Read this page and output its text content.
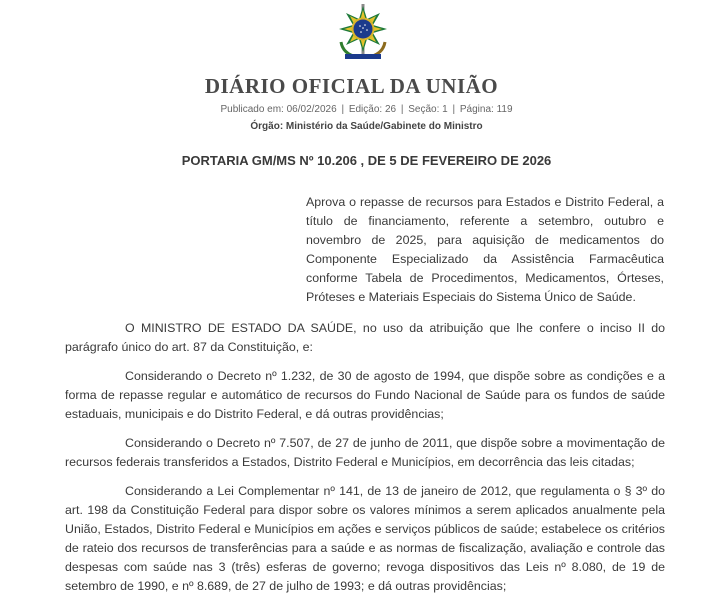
DIÁRIO OFICIAL DA UNIÃO
Publicado em: 06/02/2026 | Edição: 26 | Seção: 1 | Página: 119
Órgão: Ministério da Saúde/Gabinete do Ministro
PORTARIA GM/MS Nº 10.206 , DE 5 DE FEVEREIRO DE 2026
Aprova o repasse de recursos para Estados e Distrito Federal, a título de financiamento, referente a setembro, outubro e novembro de 2025, para aquisição de medicamentos do Componente Especializado da Assistência Farmacêutica conforme Tabela de Procedimentos, Medicamentos, Órteses, Próteses e Materiais Especiais do Sistema Único de Saúde.

O MINISTRO DE ESTADO DA SAÚDE, no uso da atribuição que lhe confere o inciso II do parágrafo único do art. 87 da Constituição, e:

Considerando o Decreto nº 1.232, de 30 de agosto de 1994, que dispõe sobre as condições e a forma de repasse regular e automático de recursos do Fundo Nacional de Saúde para os fundos de saúde estaduais, municipais e do Distrito Federal, e dá outras providências;

Considerando o Decreto nº 7.507, de 27 de junho de 2011, que dispõe sobre a movimentação de recursos federais transferidos a Estados, Distrito Federal e Municípios, em decorrência das leis citadas;

Considerando a Lei Complementar nº 141, de 13 de janeiro de 2012, que regulamenta o § 3º do art. 198 da Constituição Federal para dispor sobre os valores mínimos a serem aplicados anualmente pela União, Estados, Distrito Federal e Municípios em ações e serviços públicos de saúde; estabelece os critérios de rateio dos recursos de transferências para a saúde e as normas de fiscalização, avaliação e controle das despesas com saúde nas 3 (três) esferas de governo; revoga dispositivos das Leis nº 8.080, de 19 de setembro de 1990, e nº 8.689, de 27 de julho de 1993; e dá outras providências;
